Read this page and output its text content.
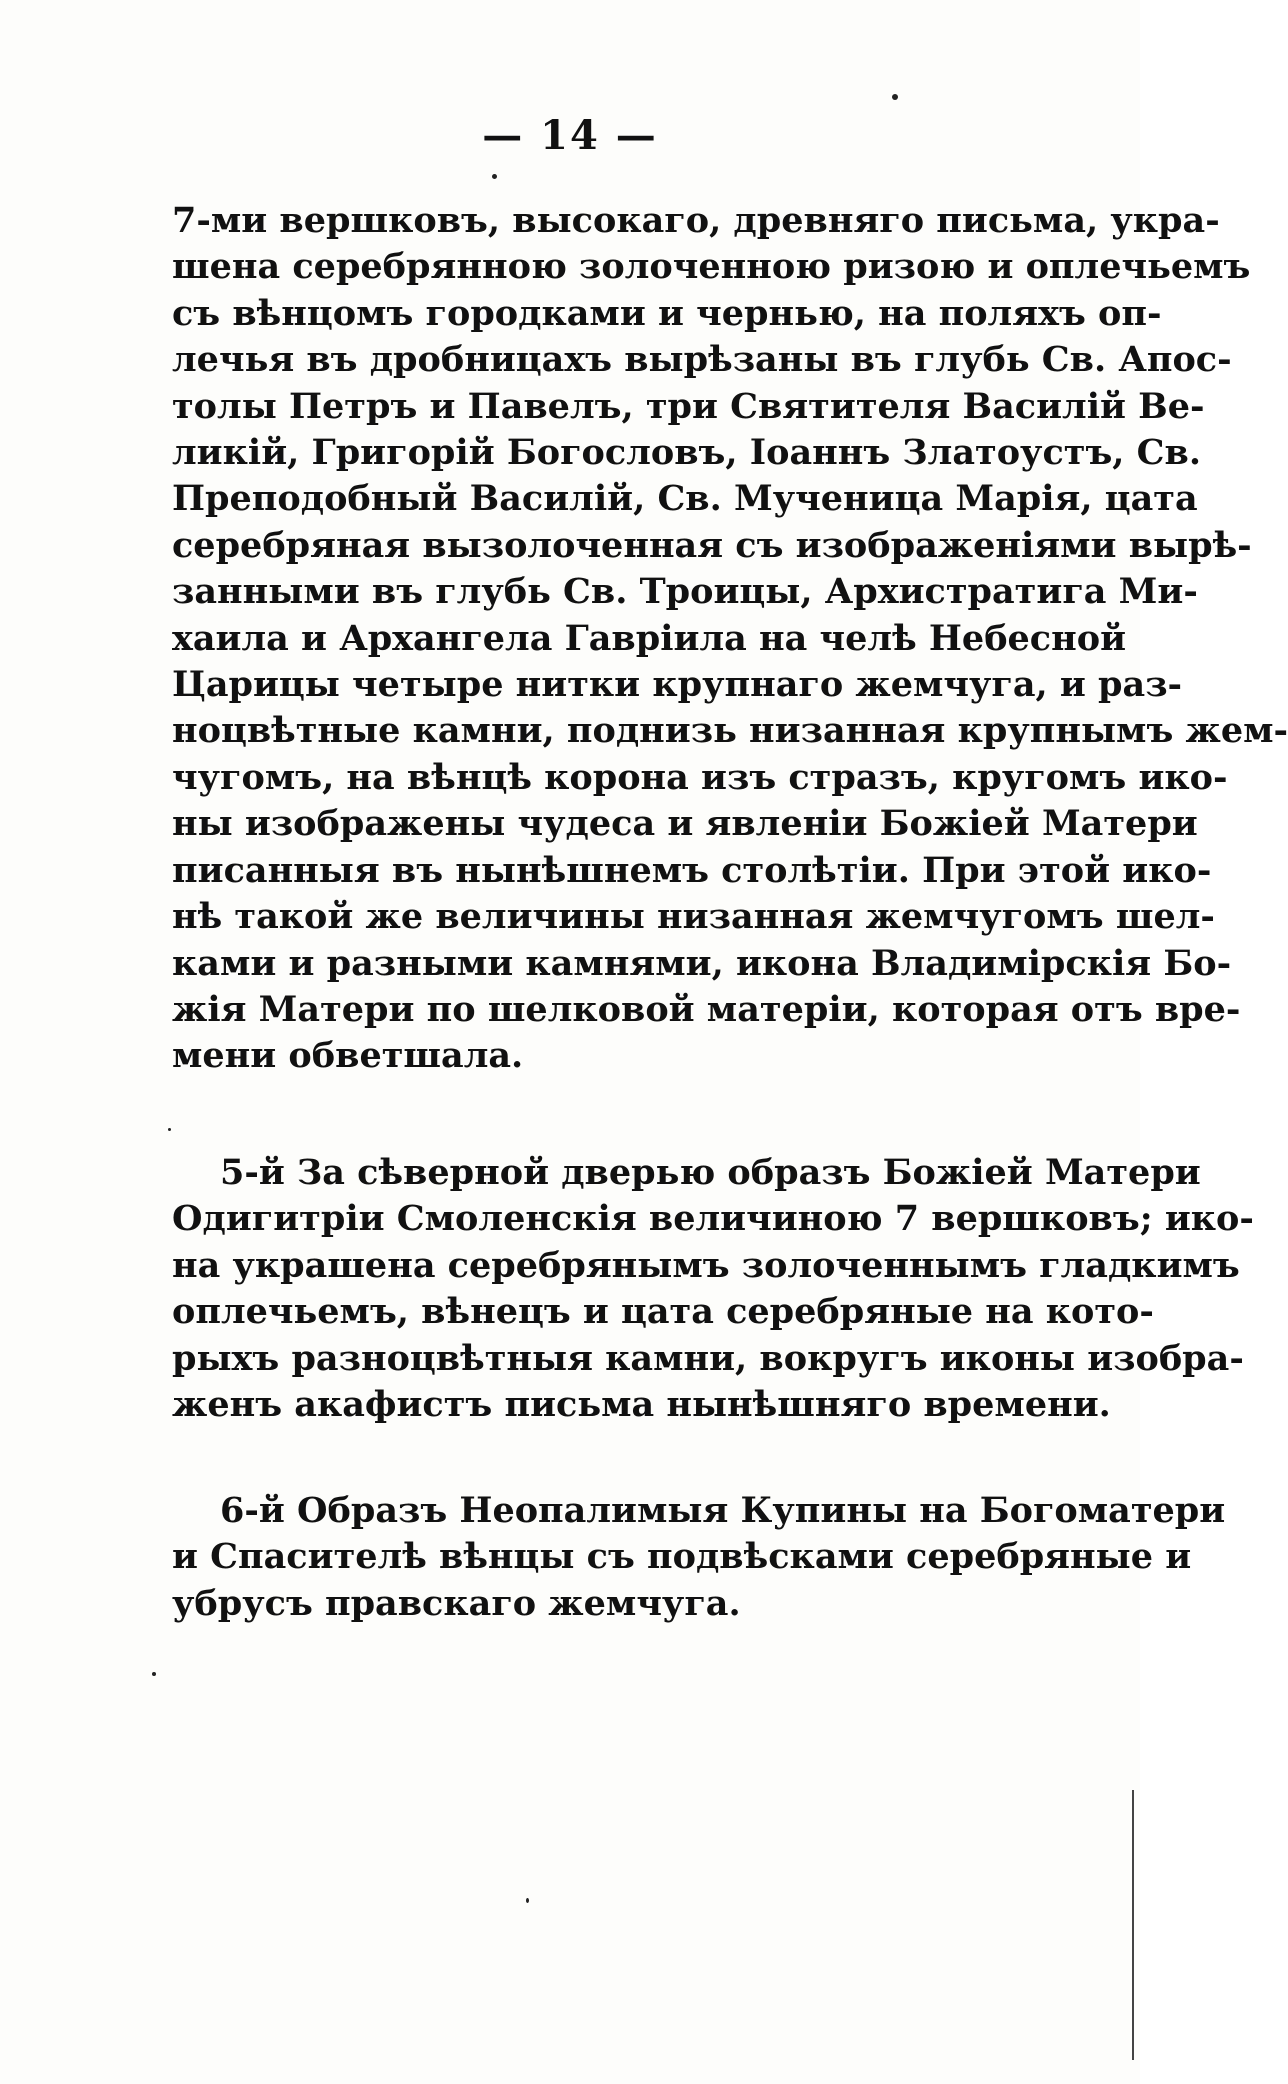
— 14 —
7-ми вершковъ, высокаго, древняго письма, укра-
шена серебрянною золоченною ризою и оплечьемъ
съ вѣнцомъ городками и чернью, на поляхъ оп-
лечья въ дробницахъ вырѣзаны въ глубь Св. Апос-
толы Петръ и Павелъ, три Святителя Василій Ве-
ликій, Григорій Богословъ, Іоаннъ Златоустъ, Св.
Преподобный Василій, Св. Мученица Марія, цата
серебряная вызолоченная съ изображеніями вырѣ-
занными въ глубь Св. Троицы, Архистратига Ми-
хаила и Архангела Гавріила на челѣ Небесной
Царицы четыре нитки крупнаго жемчуга, и раз-
ноцвѣтные камни, поднизь низанная крупнымъ жем-
чугомъ, на вѣнцѣ корона изъ стразъ, кругомъ ико-
ны изображены чудеса и явленіи Божіей Матери
писанныя въ нынѣшнемъ столѣтіи. При этой ико-
нѣ такой же величины низанная жемчугомъ шел-
ками и разными камнями, икона Владимірскія Бо-
жія Матери по шелковой матеріи, которая отъ вре-
мени обветшала.
5-й За сѣверной дверью образъ Божіей Матери
Одигитріи Смоленскія величиною 7 вершковъ; ико-
на украшена серебрянымъ золоченнымъ гладкимъ
оплечьемъ, вѣнецъ и цата серебряные на кото-
рыхъ разноцвѣтныя камни, вокругъ иконы изобра-
женъ акафистъ письма нынѣшняго времени.
6-й Образъ Неопалимыя Купины на Богоматери
и Спасителѣ вѣнцы съ подвѣсками серебряные и
убрусъ правскаго жемчуга.
